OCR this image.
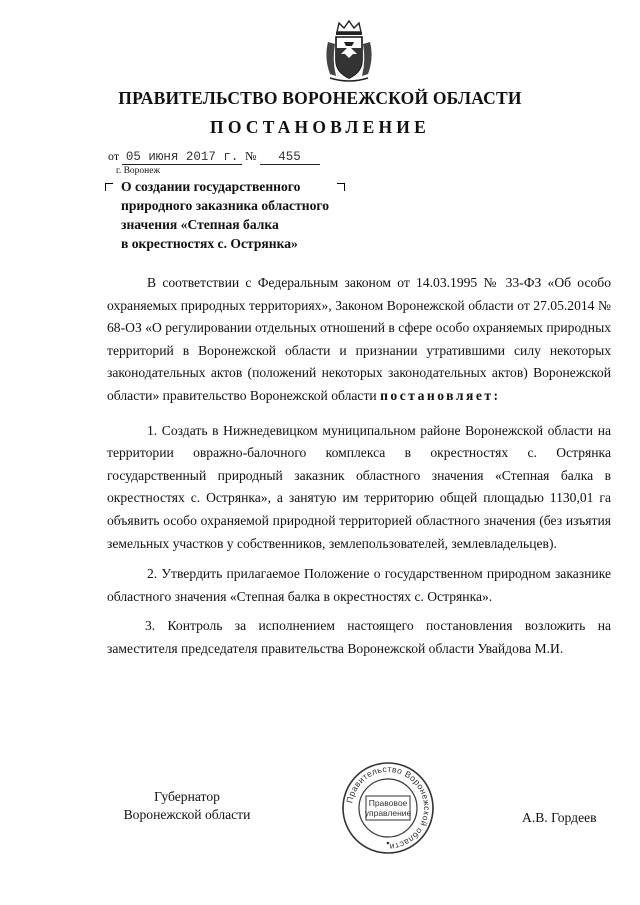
ПРАВИТЕЛЬСТВО ВОРОНЕЖСКОЙ ОБЛАСТИ
ПОСТАНОВЛЕНИЕ
от 05 июня 2017 г. № 455
г. Воронеж
О создании государственного
природного заказника областного
значения «Степная балка
в окрестностях с. Острянка»

В соответствии с Федеральным законом от 14.03.1995 № 33-ФЗ «Об особо охраняемых природных территориях», Законом Воронежской области от 27.05.2014 № 68-ОЗ «О регулировании отдельных отношений в сфере особо охраняемых природных территорий в Воронежской области и признании утратившими силу некоторых законодательных актов (положений некоторых законодательных актов) Воронежской области» правительство Воронежской области постановляет:

1. Создать в Нижнедевицком муниципальном районе Воронежской области на территории овражно-балочного комплекса в окрестностях с. Острянка государственный природный заказник областного значения «Степная балка в окрестностях с. Острянка», а занятую им территорию общей площадью 1130,01 га объявить особо охраняемой природной территорией областного значения (без изъятия земельных участков у собственников, землепользователей, землевладельцев).

2. Утвердить прилагаемое Положение о государственном природном заказнике областного значения «Степная балка в окрестностях с. Острянка».

3. Контроль за исполнением настоящего постановления возложить на заместителя председателя правительства Воронежской области Увайдова М.И.

Губернатор
Воронежской области
Правительство Воронежской области
Правовое
управление	А.В. Гордеев
